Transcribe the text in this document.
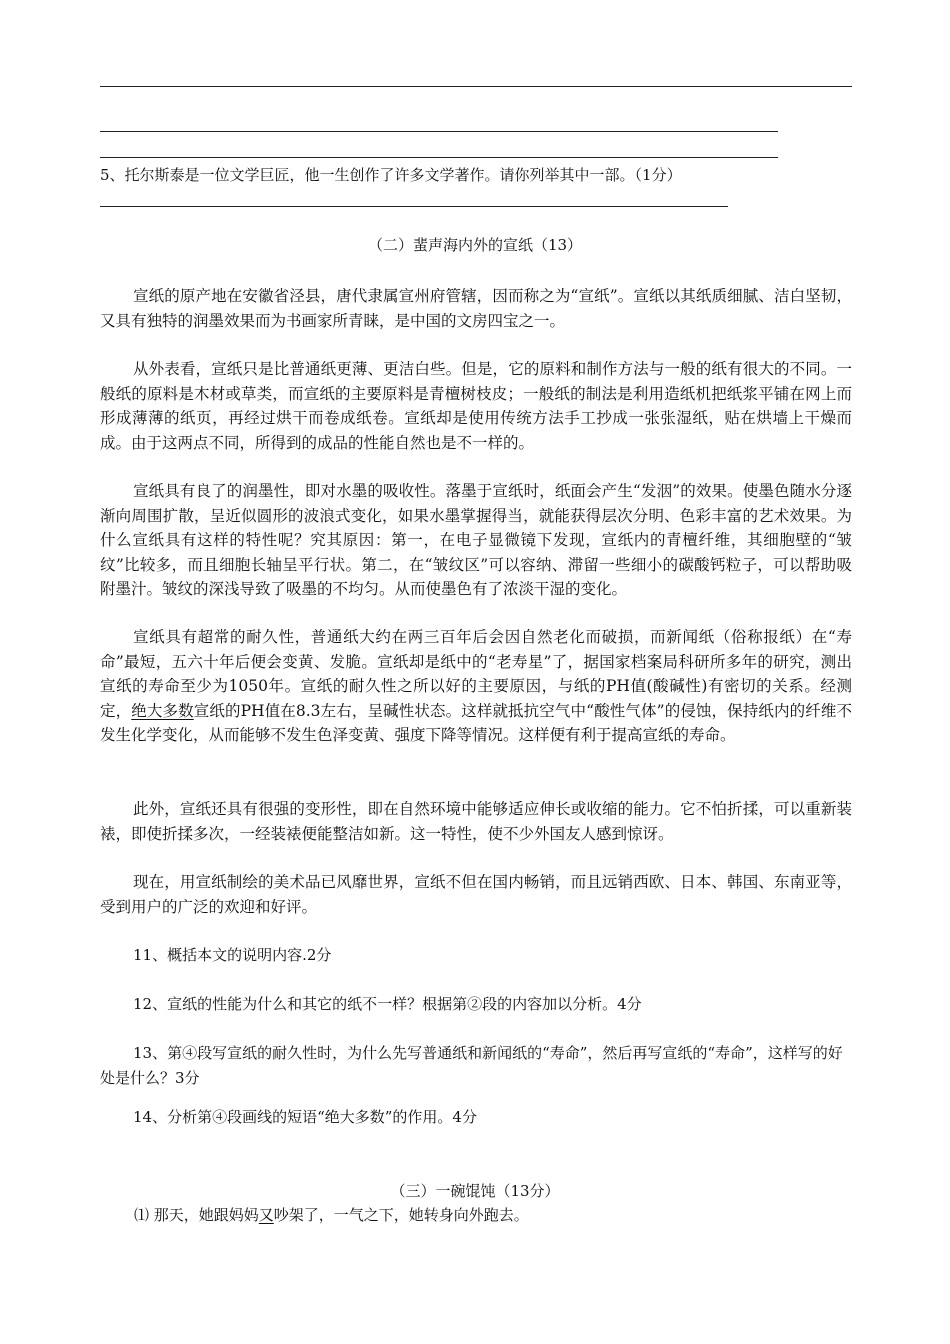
5、托尔斯泰是一位文学巨匠，他一生创作了许多文学著作。请你列举其中一部。（1分）
（二）蜚声海内外的宣纸（13）
宣纸的原产地在安徽省泾县，唐代隶属宣州府管辖，因而称之为“宣纸”。宣纸以其纸质细腻、洁白坚韧，又具有独特的润墨效果而为书画家所青睐，是中国的文房四宝之一。
从外表看，宣纸只是比普通纸更薄、更洁白些。但是，它的原料和制作方法与一般的纸有很大的不同。一般纸的原料是木材或草类，而宣纸的主要原料是青檀树枝皮；一般纸的制法是利用造纸机把纸浆平铺在网上而形成薄薄的纸页，再经过烘干而卷成纸卷。宣纸却是使用传统方法手工抄成一张张湿纸，贴在烘墙上干燥而成。由于这两点不同，所得到的成品的性能自然也是不一样的。
宣纸具有良了的润墨性，即对水墨的吸收性。落墨于宣纸时，纸面会产生“发洇”的效果。使墨色随水分逐渐向周围扩散，呈近似圆形的波浪式变化，如果水墨掌握得当，就能获得层次分明、色彩丰富的艺术效果。为什么宣纸具有这样的特性呢？究其原因：第一，在电子显微镜下发现，宣纸内的青檀纤维，其细胞壁的“皱纹”比较多，而且细胞长轴呈平行状。第二，在“皱纹区”可以容纳、滞留一些细小的碳酸钙粒子，可以帮助吸附墨汁。皱纹的深浅导致了吸墨的不均匀。从而使墨色有了浓淡干湿的变化。
宣纸具有超常的耐久性，普通纸大约在两三百年后会因自然老化而破损，而新闻纸（俗称报纸）在“寿命”最短，五六十年后便会变黄、发脆。宣纸却是纸中的“老寿星”了，据国家档案局科研所多年的研究，测出宣纸的寿命至少为1050年。宣纸的耐久性之所以好的主要原因，与纸的PH值(酸碱性)有密切的关系。经测定，绝大多数宣纸的PH值在8.3左右，呈碱性状态。这样就抵抗空气中“酸性气体”的侵蚀，保持纸内的纤维不发生化学变化，从而能够不发生色泽变黄、强度下降等情况。这样便有利于提高宣纸的寿命。
此外，宣纸还具有很强的变形性，即在自然环境中能够适应伸长或收缩的能力。它不怕折揉，可以重新装裱，即使折揉多次，一经装裱便能整洁如新。这一特性，使不少外国友人感到惊讶。
现在，用宣纸制绘的美术品已风靡世界，宣纸不但在国内畅销，而且远销西欧、日本、韩国、东南亚等，受到用户的广泛的欢迎和好评。
11、概括本文的说明内容.2分
12、宣纸的性能为什么和其它的纸不一样？根据第②段的内容加以分析。4分
13、第④段写宣纸的耐久性时，为什么先写普通纸和新闻纸的“寿命”，然后再写宣纸的“寿命”，这样写的好处是什么？3分
14、分析第④段画线的短语“绝大多数”的作用。4分
（三）一碗馄饨（13分）
⑴ 那天，她跟妈妈又吵架了，一气之下，她转身向外跑去。
